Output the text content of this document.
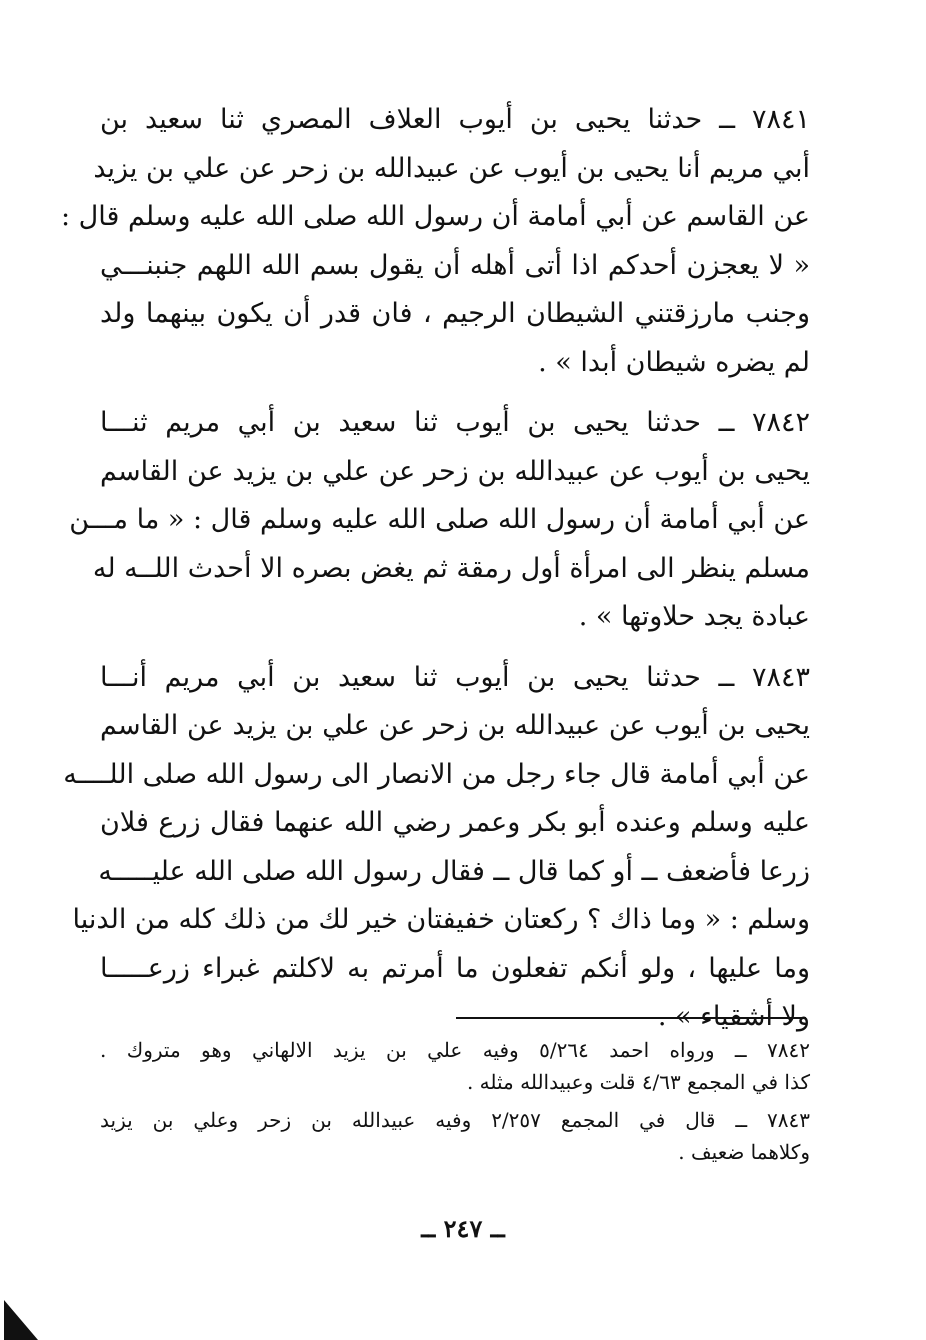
٧٨٤١ ــ حدثنا يحيى بن أيوب العلاف المصري ثنا سعيد بن
أبي مريم أنا يحيى بن أيوب عن عبيدالله بن زحر عن علي بن يزيد
عن القاسم عن أبي أمامة أن رسول الله صلى الله عليه وسلم قال :
« لا يعجزن أحدكم اذا أتى أهله أن يقول بسم الله اللهم جنبنـــي
وجنب مارزقتني الشيطان الرجيم ، فان قدر أن يكون بينهما ولد
لم يضره شيطان أبدا » .
٧٨٤٢ ــ حدثنا يحيى بن أيوب ثنا سعيد بن أبي مريم ثنـــا
يحيى بن أيوب عن عبيدالله بن زحر عن علي بن يزيد عن القاسم
عن أبي أمامة أن رسول الله صلى الله عليه وسلم قال : « ما مـــن
مسلم ينظر الى امرأة أول رمقة ثم يغض بصره الا أحدث اللــه له
عبادة يجد حلاوتها » .
٧٨٤٣ ــ حدثنا يحيى بن أيوب ثنا سعيد بن أبي مريم أنـــا
يحيى بن أيوب عن عبيدالله بن زحر عن علي بن يزيد عن القاسم
عن أبي أمامة قال جاء رجل من الانصار الى رسول الله صلى اللــــه
عليه وسلم وعنده أبو بكر وعمر رضي الله عنهما فقال زرع فلان
زرعا فأضعف ــ أو كما قال ــ فقال رسول الله صلى الله عليـــــه
وسلم : « وما ذاك ؟ ركعتان خفيفتان خير لك من ذلك كله من الدنيا
وما عليها ، ولو أنكم تفعلون ما أمرتم به لاكلتم غبراء زرعـــــا
ولا أشقياء » .
٧٨٤٢ ــ ورواه احمد ٥/٢٦٤ وفيه علي بن يزيد الالهاني وهو متروك .
كذا في المجمع ٤/٦٣ قلت وعبيدالله مثله .
٧٨٤٣ ــ قال في المجمع ٢/٢٥٧ وفيه عبيدالله بن زحر وعلي بن يزيد
وكلاهما ضعيف .
ــ ٢٤٧ ــ
